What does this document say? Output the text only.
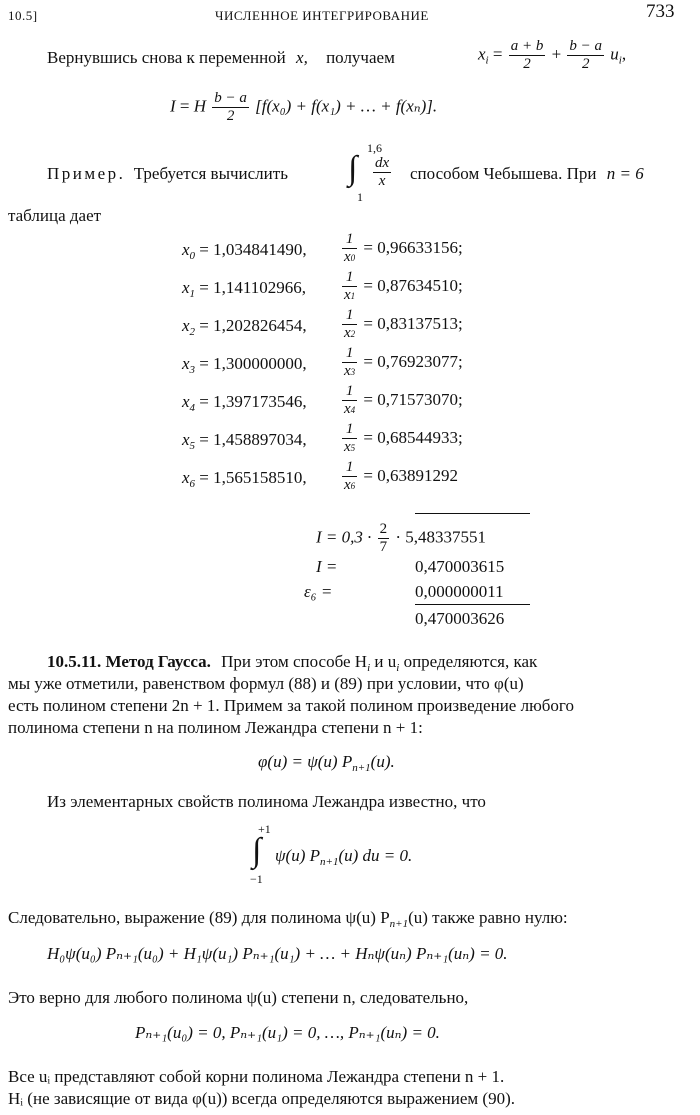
10.5]	ЧИСЛЕННОЕ ИНТЕГРИРОВАНИЕ	733
Вернувшись снова к переменной x, получаем	$x_i = \frac{a + b}{2} + \frac{b - a}{2} u_i$,
I = H $\frac{b - a}{2} [f(x_0) + f(x_1)$ + … + f(xₙ)].
Пример. Требуется вычислить
1,6
∫
1
$\frac{dx}{x}$ способом Чебышева. При n = 6
таблица дает
$x_0 = 1,034841490$, $\frac{1}{x0} = 0,96633156$;
$x_1 = 1,141102966$, $\frac{1}{x1} = 0,87634510$;
$x_2 = 1,202826454$, $\frac{1}{x2} = 0,83137513$;
$x_3 = 1,300000000$, $\frac{1}{x3} = 0,76923077$;
$x_4 = 1,397173546$, $\frac{1}{x4} = 0,71573070$;
$x_5 = 1,458897034$, $\frac{1}{x5} = 0,68544933$;
$x_6 = 1,565158510$, $\frac{1}{x6} = 0,63891292$
$I = 0,3 \cdot \frac{2}{7} \cdot 5,48337551$
I =	0,470003615
ε₆ =	0,000000011
0,470003626
10.5.11. Метод Гаусса. При этом способе $H_i$ и $u_i$ определяются, как
мы уже отметили, равенством формул (88) и (89) при условии, что φ(u)
есть полином степени 2n + 1. Примем за такой полином произведение любого
полинома степени n на полином Лежандра степени n + 1:
φ(u) = ψ(u) $P_{n+1}(u)$.
Из элементарных свойств полинома Лежандра известно, что
+1
∫
−1
ψ(u) $P_{n+1}(u)$ du = 0.
Следовательно, выражение (89) для полинома ψ(u) $P_{n+1}(u)$ также равно нулю:
H₀ψ(u₀) Pₙ₊₁(u₀) + H₁ψ(u₁) Pₙ₊₁(u₁) + … + Hₙψ(uₙ) Pₙ₊₁(uₙ) = 0.
Это верно для любого полинома ψ(u) степени n, следовательно,
Pₙ₊₁(u₀) = 0, Pₙ₊₁(u₁) = 0, …, Pₙ₊₁(uₙ) = 0.
Все uᵢ представляют собой корни полинома Лежандра степени n + 1.
Hᵢ (не зависящие от вида φ(u)) всегда определяются выражением (90).
